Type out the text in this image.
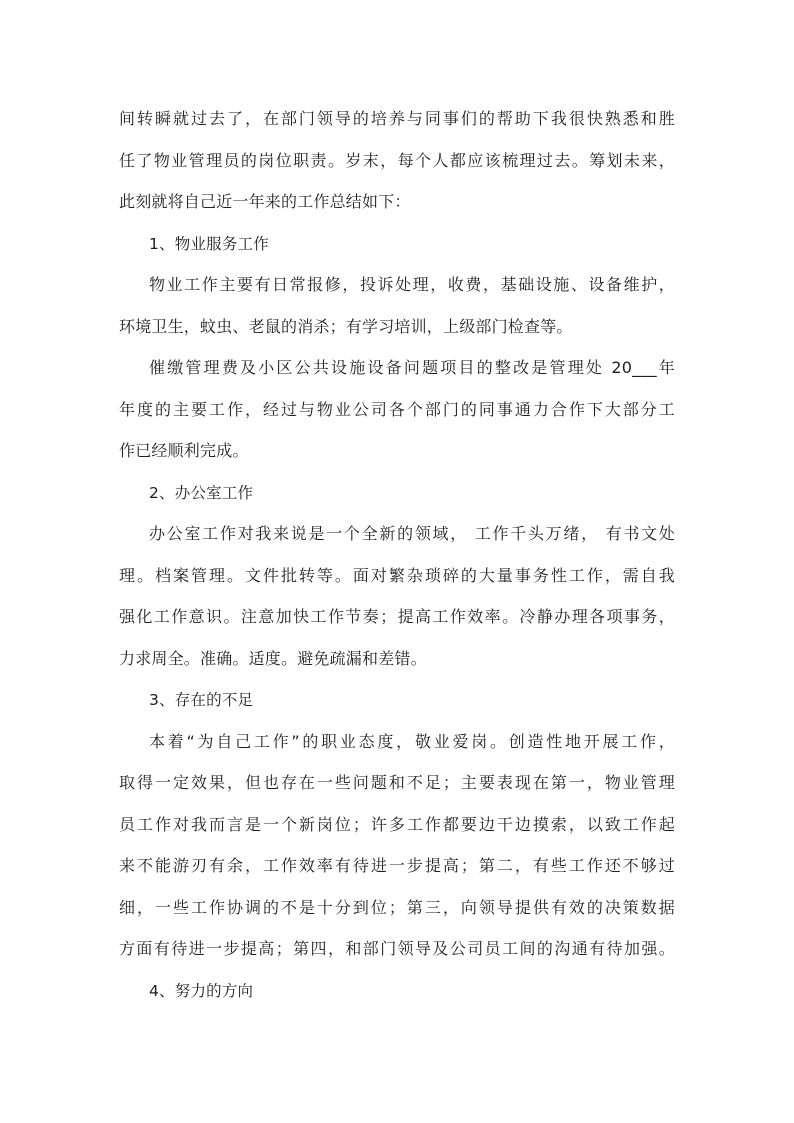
间转瞬就过去了，在部门领导的培养与同事们的帮助下我很快熟悉和胜
任了物业管理员的岗位职责。岁末，每个人都应该梳理过去。筹划未来，
此刻就将自己近一年来的工作总结如下：
1、物业服务工作
物业工作主要有日常报修，投诉处理，收费，基础设施、设备维护，
环境卫生，蚊虫、老鼠的消杀；有学习培训，上级部门检查等。
催缴管理费及小区公共设施设备问题项目的整改是管理处 20___年
年度的主要工作，经过与物业公司各个部门的同事通力合作下大部分工
作已经顺利完成。
2、办公室工作
办公室工作对我来说是一个全新的领域， 工作千头万绪， 有书文处
理。档案管理。文件批转等。面对繁杂琐碎的大量事务性工作，需自我
强化工作意识。注意加快工作节奏；提高工作效率。冷静办理各项事务，
力求周全。准确。适度。避免疏漏和差错。
3、存在的不足
本着“为自己工作”的职业态度，敬业爱岗。创造性地开展工作，
取得一定效果，但也存在一些问题和不足；主要表现在第一，物业管理
员工作对我而言是一个新岗位；许多工作都要边干边摸索，以致工作起
来不能游刃有余，工作效率有待进一步提高；第二，有些工作还不够过
细，一些工作协调的不是十分到位；第三，向领导提供有效的决策数据
方面有待进一步提高；第四，和部门领导及公司员工间的沟通有待加强。
4、努力的方向
